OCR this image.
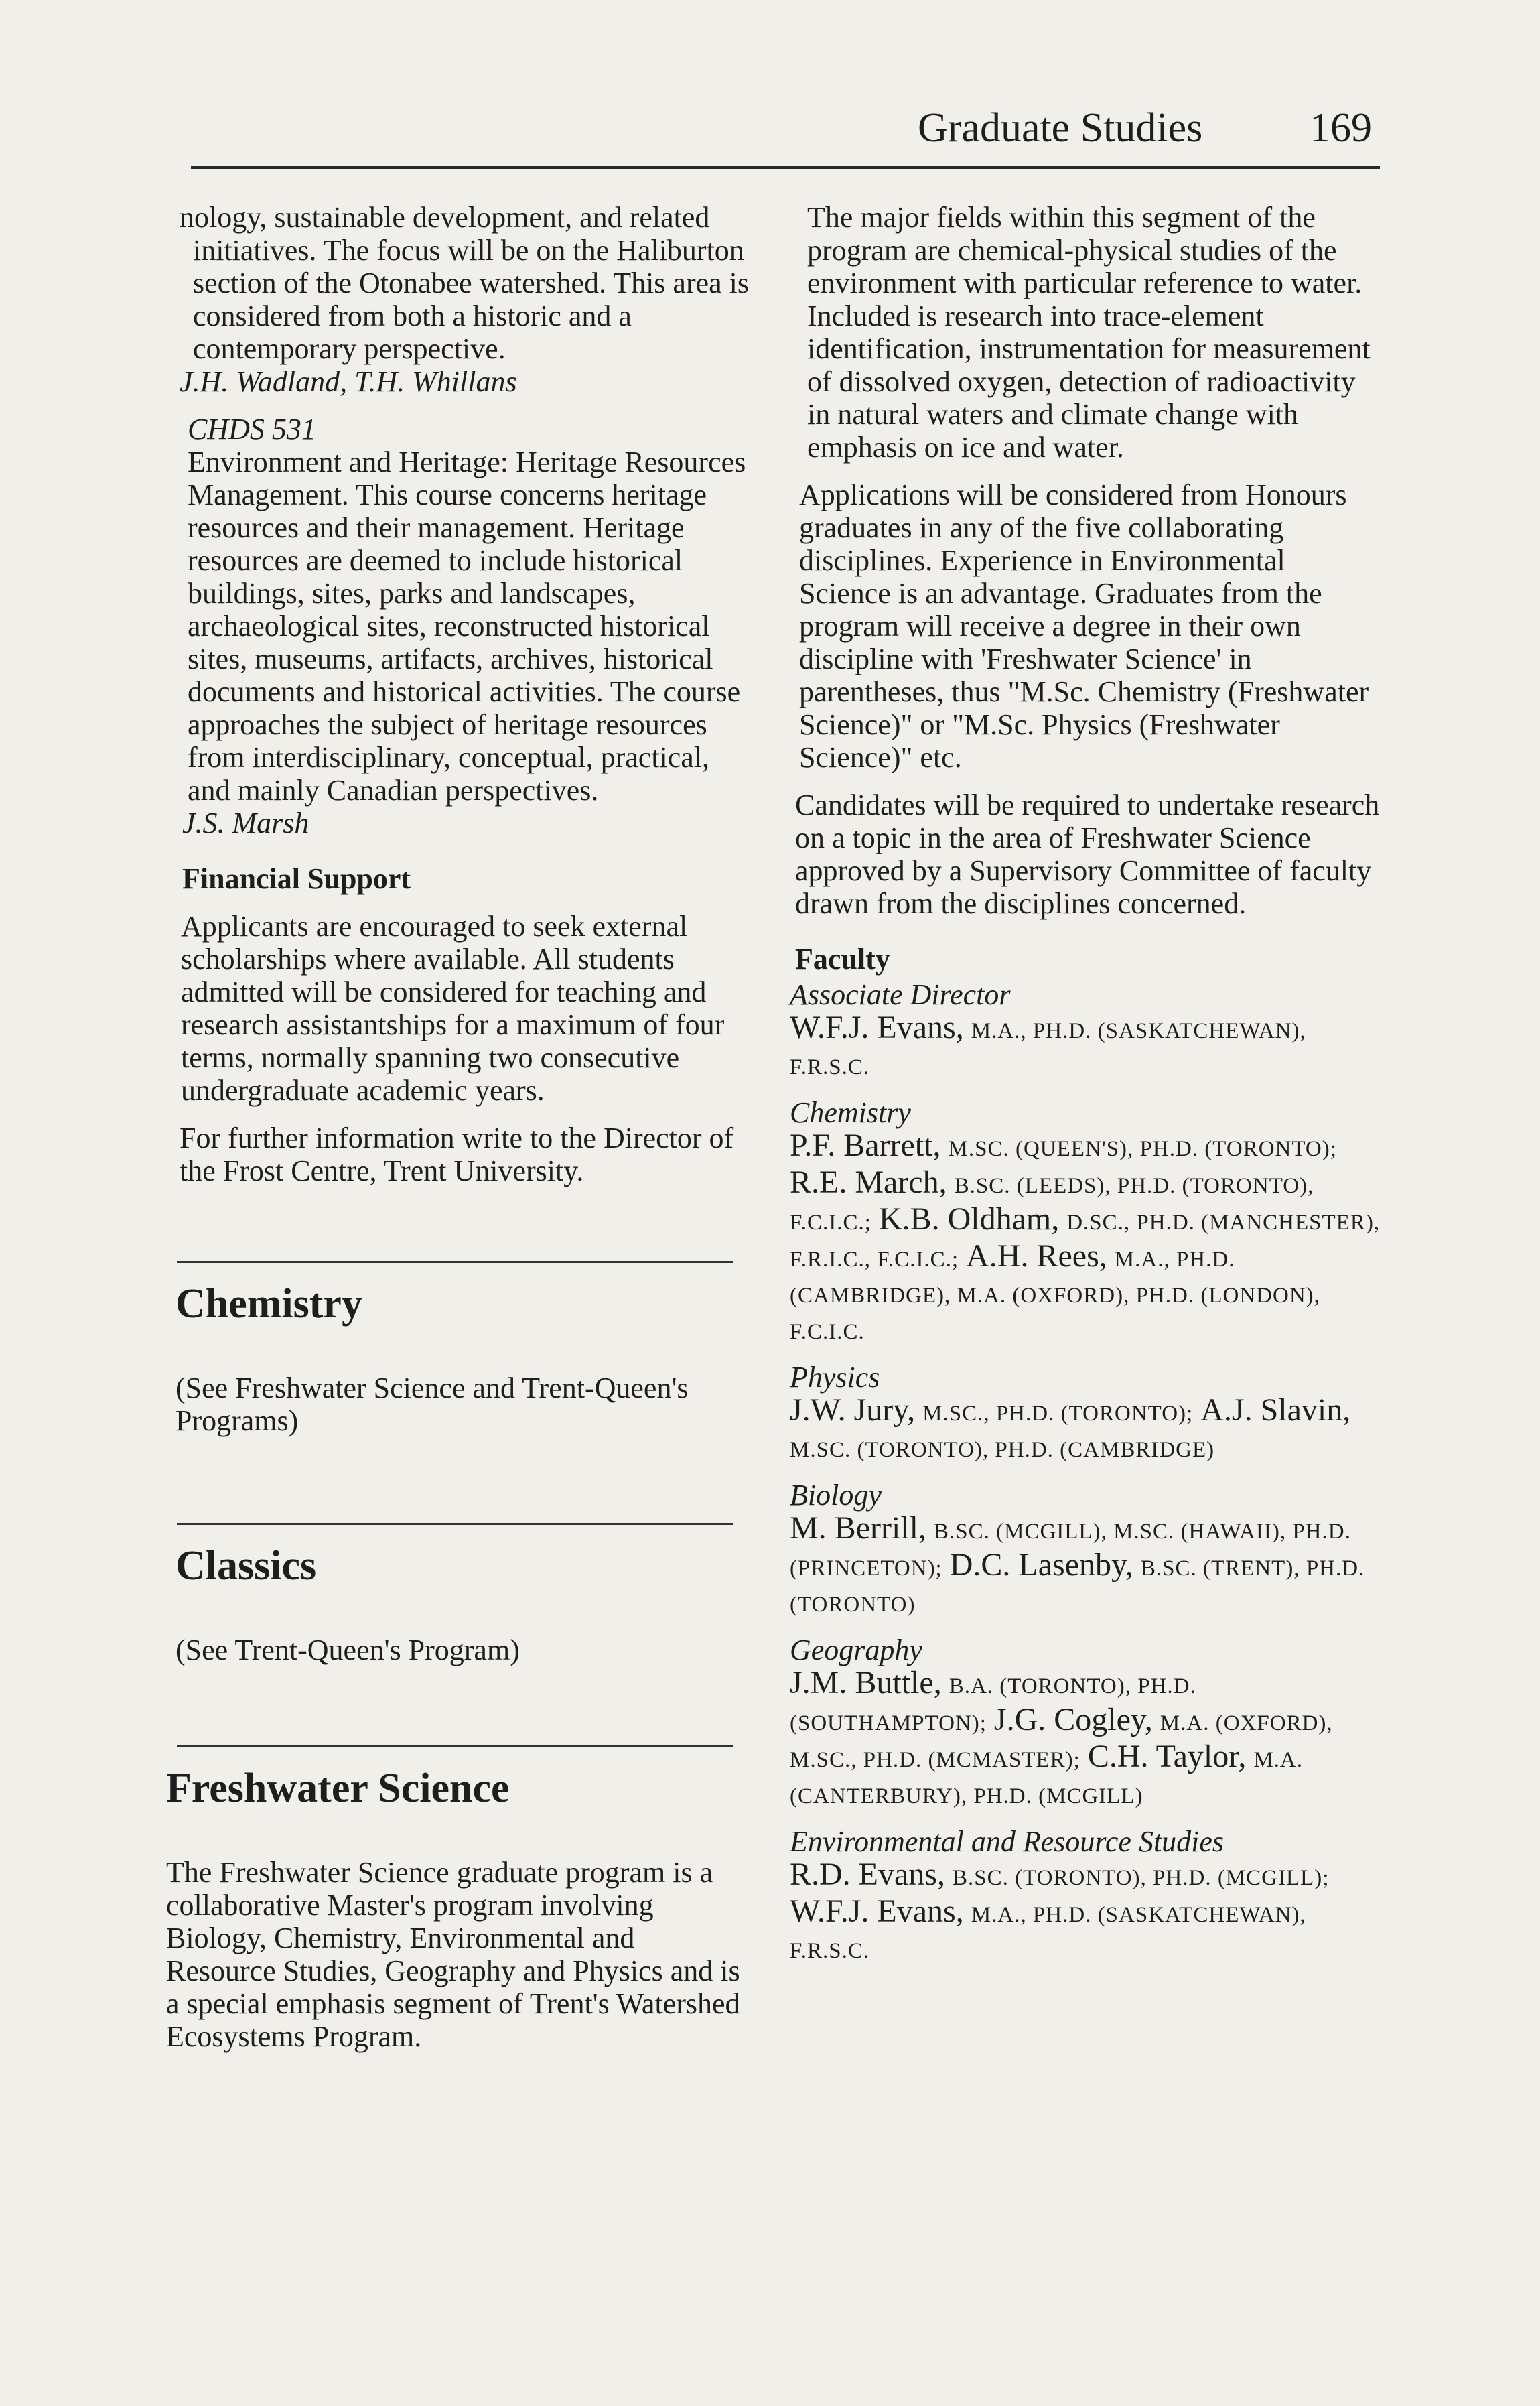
Graduate Studies	169

nology, sustainable development, and related initiatives. The focus will be on the Haliburton section of the Otonabee watershed. This area is considered from both a historic and a contemporary perspective.

J.H. Wadland, T.H. Whillans

CHDS 531

Environment and Heritage: Heritage Resources Management. This course concerns heritage resources and their management. Heritage resources are deemed to include historical buildings, sites, parks and landscapes, archaeological sites, reconstructed historical sites, museums, artifacts, archives, historical documents and historical activities. The course approaches the subject of heritage resources from interdisciplinary, conceptual, practical, and mainly Canadian perspectives.

J.S. Marsh

Financial Support

Applicants are encouraged to seek external scholarships where available. All students admitted will be considered for teaching and research assistantships for a maximum of four terms, normally spanning two consecutive undergraduate academic years.

For further information write to the Director of the Frost Centre, Trent University.

Chemistry

(See Freshwater Science and Trent-Queen's Programs)

Classics

(See Trent-Queen's Program)

Freshwater Science

The Freshwater Science graduate program is a collaborative Master's program involving Biology, Chemistry, Environmental and Resource Studies, Geography and Physics and is a special emphasis segment of Trent's Watershed Ecosystems Program.

The major fields within this segment of the program are chemical-physical studies of the environment with particular reference to water. Included is research into trace-element identification, instrumentation for measurement of dissolved oxygen, detection of radioactivity in natural waters and climate change with emphasis on ice and water.

Applications will be considered from Honours graduates in any of the five collaborating disciplines. Experience in Environmental Science is an advantage. Graduates from the program will receive a degree in their own discipline with 'Freshwater Science' in parentheses, thus "M.Sc. Chemistry (Freshwater Science)" or "M.Sc. Physics (Freshwater Science)" etc.

Candidates will be required to undertake research on a topic in the area of Freshwater Science approved by a Supervisory Committee of faculty drawn from the disciplines concerned.

Faculty

Associate Director

W.F.J. Evans, M.A., PH.D. (SASKATCHEWAN), F.R.S.C.

Chemistry

P.F. Barrett, M.SC. (QUEEN'S), PH.D. (TORONTO); R.E. March, B.SC. (LEEDS), PH.D. (TORONTO), F.C.I.C.; K.B. Oldham, D.SC., PH.D. (MANCHESTER), F.R.I.C., F.C.I.C.; A.H. Rees, M.A., PH.D. (CAMBRIDGE), M.A. (OXFORD), PH.D. (LONDON), F.C.I.C.

Physics

J.W. Jury, M.SC., PH.D. (TORONTO); A.J. Slavin, M.SC. (TORONTO), PH.D. (CAMBRIDGE)

Biology

M. Berrill, B.SC. (MCGILL), M.SC. (HAWAII), PH.D. (PRINCETON); D.C. Lasenby, B.SC. (TRENT), PH.D. (TORONTO)

Geography

J.M. Buttle, B.A. (TORONTO), PH.D. (SOUTHAMPTON); J.G. Cogley, M.A. (OXFORD), M.SC., PH.D. (MCMASTER); C.H. Taylor, M.A. (CANTERBURY), PH.D. (MCGILL)

Environmental and Resource Studies

R.D. Evans, B.SC. (TORONTO), PH.D. (MCGILL); W.F.J. Evans, M.A., PH.D. (SASKATCHEWAN), F.R.S.C.
